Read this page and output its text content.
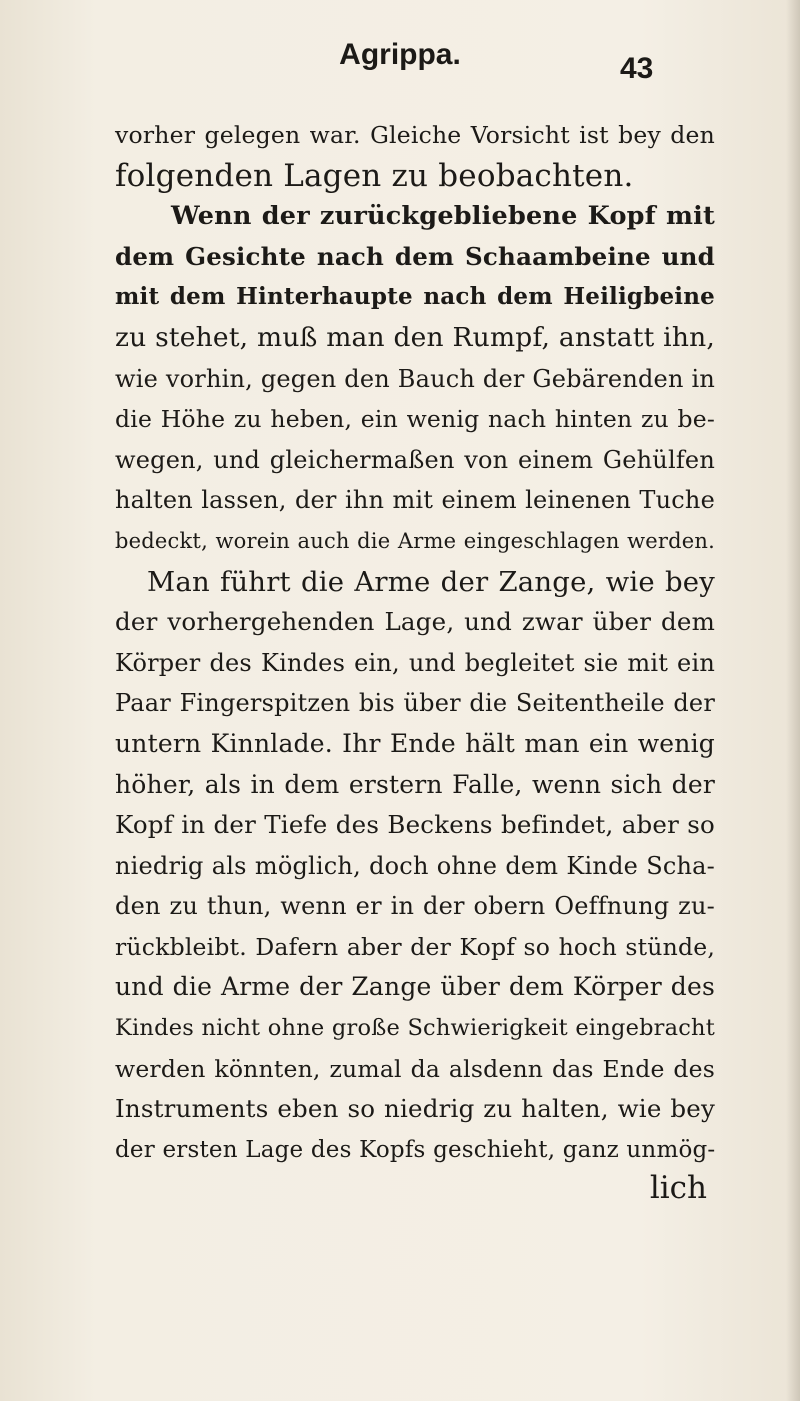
Agrippa.	43
vorher gelegen war. Gleiche Vorsicht ist bey den
folgenden Lagen zu beobachten.
Wenn der zurückgebliebene Kopf mit
dem Gesichte nach dem Schaambeine und
mit dem Hinterhaupte nach dem Heiligbeine
zu stehet, muß man den Rumpf, anstatt ihn,
wie vorhin, gegen den Bauch der Gebärenden in
die Höhe zu heben, ein wenig nach hinten zu be-
wegen, und gleichermaßen von einem Gehülfen
halten lassen, der ihn mit einem leinenen Tuche
bedeckt, worein auch die Arme eingeschlagen werden.
Man führt die Arme der Zange, wie bey
der vorhergehenden Lage, und zwar über dem
Körper des Kindes ein, und begleitet sie mit ein
Paar Fingerspitzen bis über die Seitentheile der
untern Kinnlade. Ihr Ende hält man ein wenig
höher, als in dem erstern Falle, wenn sich der
Kopf in der Tiefe des Beckens befindet, aber so
niedrig als möglich, doch ohne dem Kinde Scha-
den zu thun, wenn er in der obern Oeffnung zu-
rückbleibt. Dafern aber der Kopf so hoch stünde,
und die Arme der Zange über dem Körper des
Kindes nicht ohne große Schwierigkeit eingebracht
werden könnten, zumal da alsdenn das Ende des
Instruments eben so niedrig zu halten, wie bey
der ersten Lage des Kopfs geschieht, ganz unmög-
lich
